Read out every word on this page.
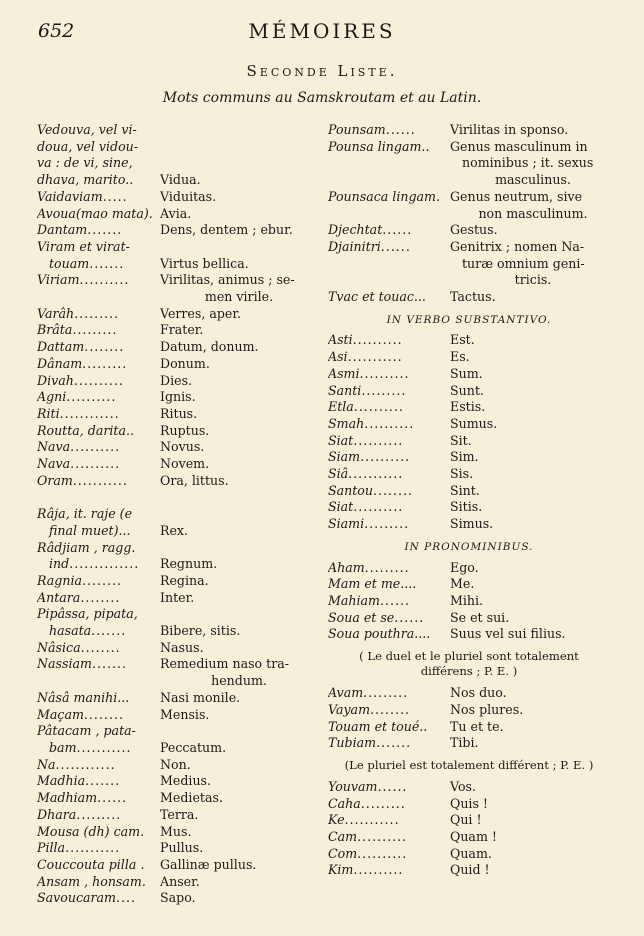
652	MÉMOIRES
Seconde Liste.
Mots communs au Samskroutam et au Latin.
Vedouva, vel vi-
doua, vel vidou-
va : de vi, sine,
dhava, marito..

	Vidua.
Vaidaviam.....	Viduitas.
Avoua(mao mata). Avia.
Dantam.......	Dens, dentem ; ebur.
Viram et virat-
touam.......
	Virtus bellica.
Viriam..........	Virilitas, animus ; se-
men virile.
Varâh.........	Verres, aper.
Brâta.........	Frater.
Dattam........	Datum, donum.
Dânam.........	Donum.
Divah..........	Dies.
Agni..........	Ignis.
Riti............	Ritus.
Routta, darita..	Ruptus.
Nava..........	Novus.
Nava..........	Novem.
Oram...........	Ora, littus.
Râja, it. raje (e
final muet)...
	Rex.
Râdjiam , ragg.
ind..............
	Regnum.
Ragnia........	Regina.
Antara........	Inter.
Pipâssa, pipata,
hasata.......
	Bibere, sitis.
Nâsica........	Nasus.
Nassiam.......	Remedium naso tra-
hendum.
Nâsâ manihi...	Nasi monile.
Maçam........	Mensis.
Pâtacam , pata-
bam...........
	Peccatum.
Na............	Non.
Madhia.......	Medius.
Madhiam......	Medietas.
Dhara.........	Terra.
Mousa (dh) cam.	Mus.
Pilla...........	Pullus.
Couccouta pilla .	Gallinæ pullus.
Ansam , honsam.	Anser.
Savoucaram....	Sapo.
Pounsam......	Virilitas in sponso.
Pounsa lingam..	Genus masculinum in
nominibus ; it. sexus
masculinus.
Pounsaca lingam. Genus neutrum, sive
non masculinum.
Djechtat......	Gestus.
Djainitri......	Genitrix ; nomen Na-
turæ omnium geni-
tricis.
Tvac et touac...	Tactus.
IN VERBO SUBSTANTIVO.
Asti..........	Est.
Asi...........	Es.
Asmi..........	Sum.
Santi.........	Sunt.
Etla..........	Estis.
Smah..........	Sumus.
Siat..........	Sit.
Siam..........	Sim.
Siâ...........	Sis.
Santou........	Sint.
Siat..........	Sitis.
Siami.........	Simus.
IN PRONOMINIBUS.
Aham.........	Ego.
Mam et me....	Me.
Mahiam......	Mihi.
Soua et se......	Se et sui.
Soua pouthra....	Suus vel sui filius.
( Le duel et le pluriel sont totalement
différens ; P. E. )
Avam.........	Nos duo.
Vayam........	Nos plures.
Touam et toué..	Tu et te.
Tubiam.......	Tibi.
(Le pluriel est totalement différent ; P. E. )
Youvam......	Vos.
Caha.........	Quis !
Ke...........	Qui !
Cam..........	Quam !
Com..........	Quam.
Kim..........	Quid !
